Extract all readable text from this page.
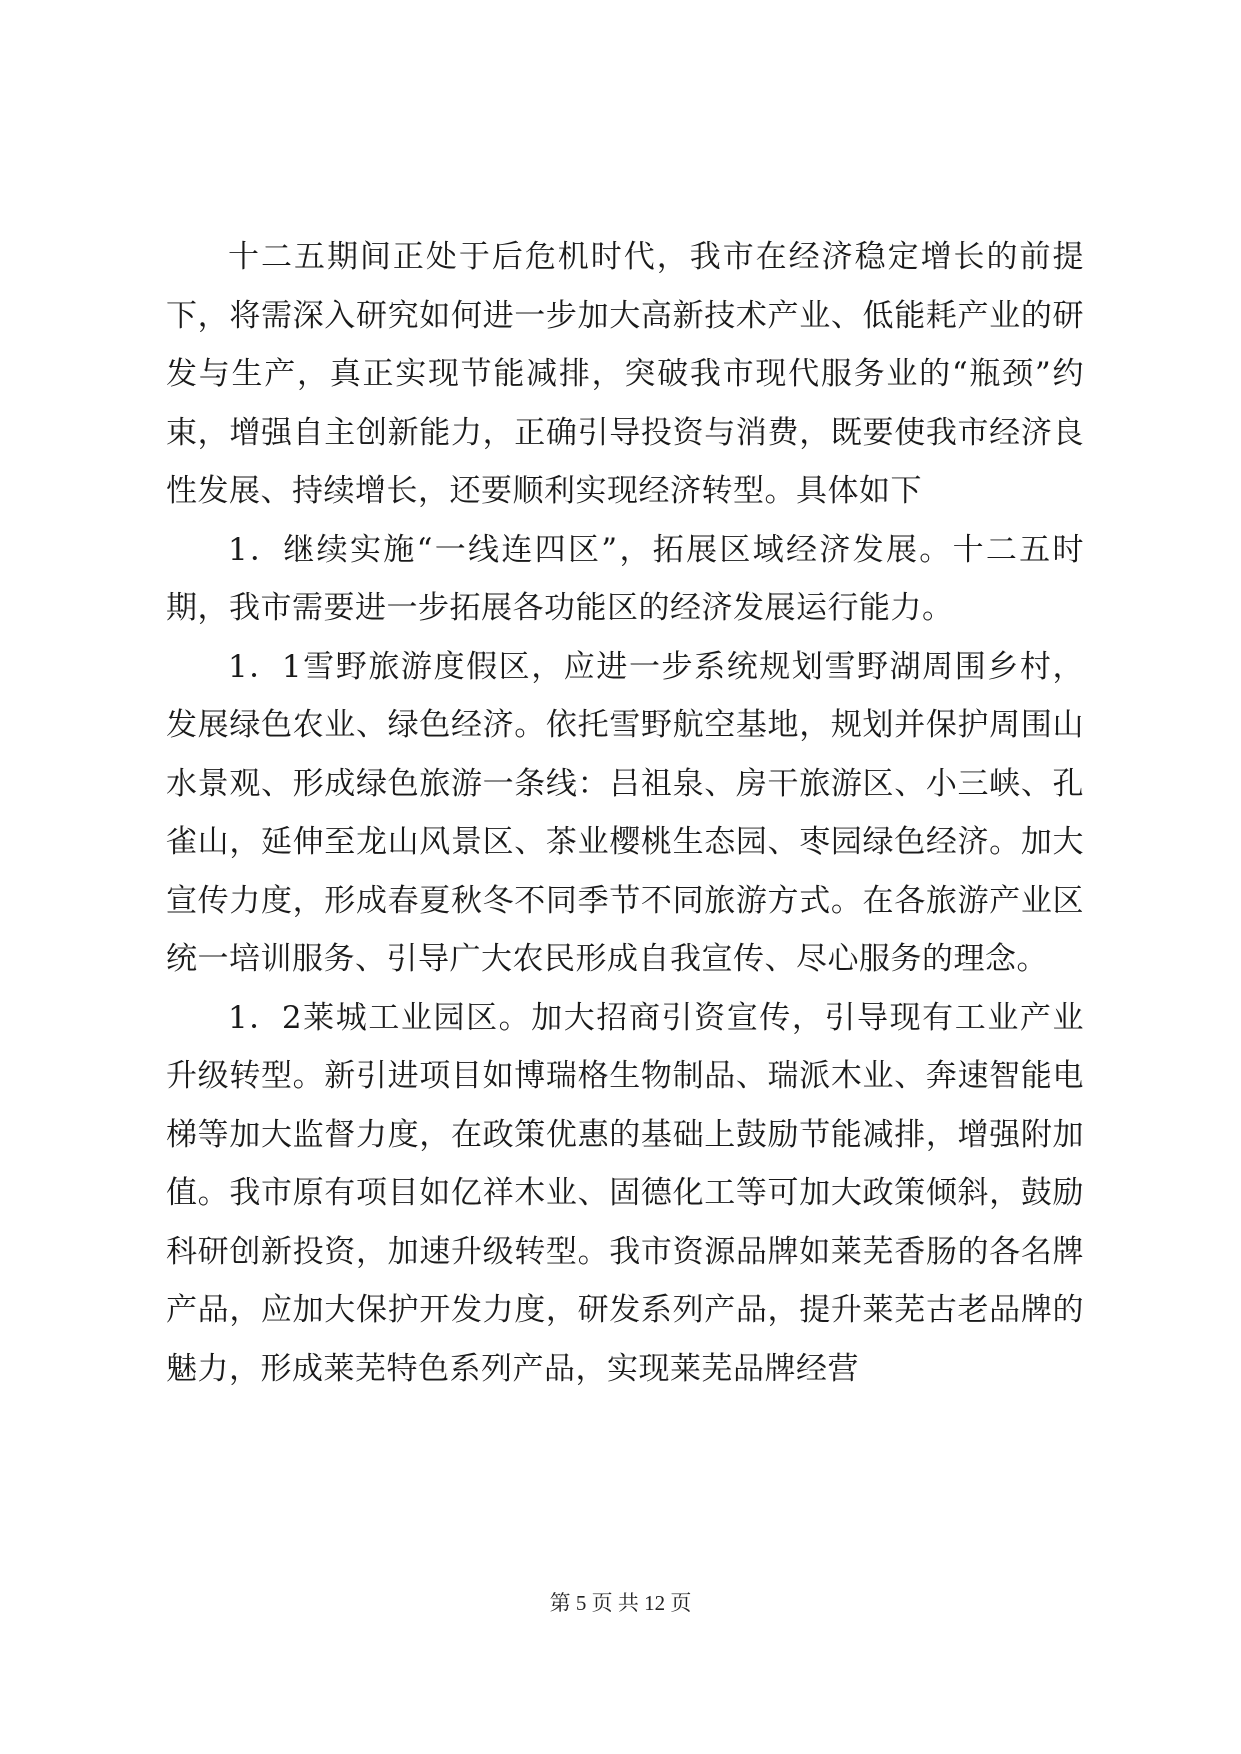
十二五期间正处于后危机时代，我市在经济稳定增长的前提下，将需深入研究如何进一步加大高新技术产业、低能耗产业的研发与生产，真正实现节能减排，突破我市现代服务业的“瓶颈”约束，增强自主创新能力，正确引导投资与消费，既要使我市经济良性发展、持续增长，还要顺利实现经济转型。具体如下

1．继续实施“一线连四区”，拓展区域经济发展。十二五时期，我市需要进一步拓展各功能区的经济发展运行能力。

1．1雪野旅游度假区，应进一步系统规划雪野湖周围乡村，发展绿色农业、绿色经济。依托雪野航空基地，规划并保护周围山水景观、形成绿色旅游一条线：吕祖泉、房干旅游区、小三峡、孔雀山，延伸至龙山风景区、茶业樱桃生态园、枣园绿色经济。加大宣传力度，形成春夏秋冬不同季节不同旅游方式。在各旅游产业区统一培训服务、引导广大农民形成自我宣传、尽心服务的理念。

1．2莱城工业园区。加大招商引资宣传，引导现有工业产业升级转型。新引进项目如博瑞格生物制品、瑞派木业、奔速智能电梯等加大监督力度，在政策优惠的基础上鼓励节能减排，增强附加值。我市原有项目如亿祥木业、固德化工等可加大政策倾斜，鼓励科研创新投资，加速升级转型。我市资源品牌如莱芜香肠的各名牌产品，应加大保护开发力度，研发系列产品，提升莱芜古老品牌的魅力，形成莱芜特色系列产品，实现莱芜品牌经营

第 5 页 共 12 页
